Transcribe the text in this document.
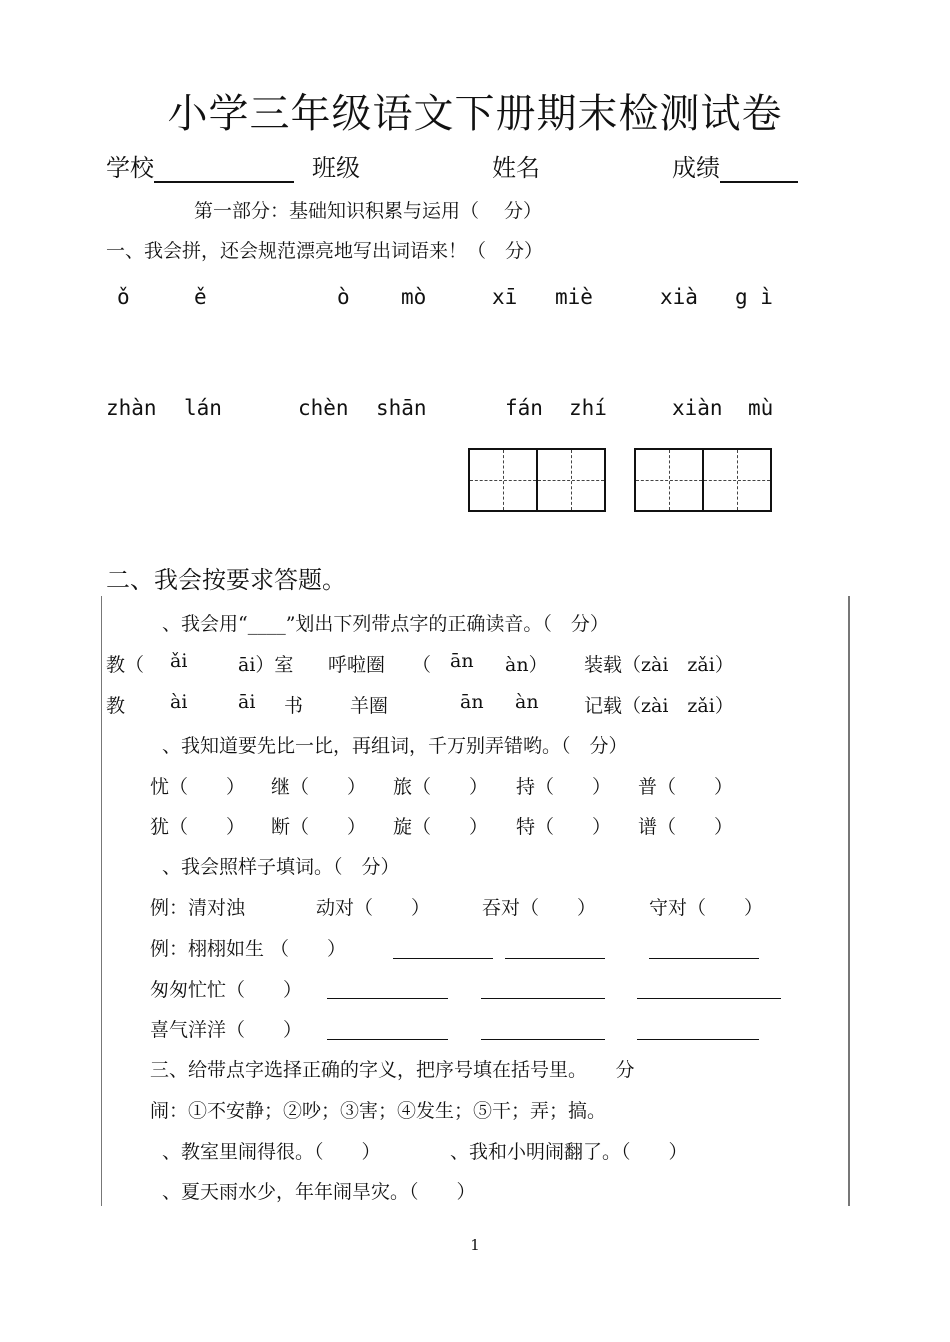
小学三年级语文下册期末检测试卷
学校	班级	姓名	成绩
第一部分：基础知识积累与运用（　 分）
一、我会拼，还会规范漂亮地写出词语来！（　分）
ǒ	ě	ò mò	xī miè	xià g ì
zhàn lán	chèn shān	fán zhí	xiàn mù
二、我会按要求答题。
、我会用“____”划出下列带点字的正确读音。（　分）
教（ ǎi	āi）室 呼啦圈 （ ān àn） 装载（zài　zǎi）
教 ài	āi 书 羊圈	ān àn 记载（zài　zǎi）
、我知道要先比一比，再组词，千万别弄错哟。（　分）
忧（　　） 继（　　） 旅（　　） 持（　　） 普（　　）
犹（　　） 断（　　） 旋（　　） 特（　　） 谱（　　）
、我会照样子填词。（　分）
例：清对浊	动对（　　）	吞对（　　）	守对（　　）
例：栩栩如生 （　　）
匆匆忙忙（　　）
喜气洋洋（　　）
三、给带点字选择正确的字义，把序号填在括号里。　　分
闹：①不安静；②吵；③害；④发生；⑤干；弄；搞。
、教室里闹得很。（　　）	、我和小明闹翻了。（　　）
、夏天雨水少，年年闹旱灾。（　　）
1
